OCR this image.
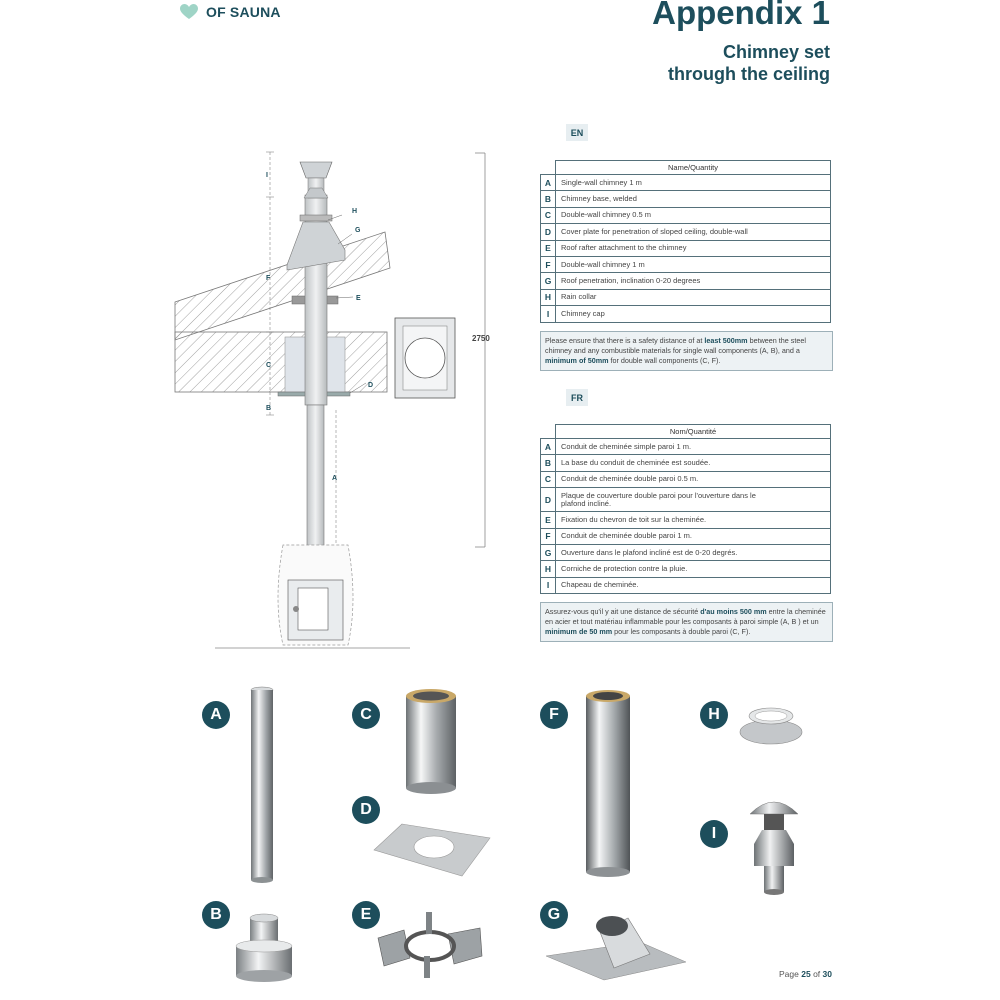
OF SAUNA	Appendix 1
Chimney set
through the ceiling
2750
I
H
G
F
E
C
D
B
A
EN
	Name/Quantity
A	Single-wall chimney 1 m
B	Chimney base, welded
C	Double-wall chimney 0.5 m
D	Cover plate for penetration of sloped ceiling, double-wall
E	Roof rafter attachment to the chimney
F	Double-wall chimney 1 m
G	Roof penetration, inclination 0-20 degrees
H	Rain collar
I	Chimney cap
Please ensure that there is a safety distance of at least 500mm between the steel chimney and any combustible materials for single wall components (A, B), and a minimum of 50mm for double wall components (C, F).
FR
	Nom/Quantité
A	Conduit de cheminée simple paroi 1 m.
B	La base du conduit de cheminée est soudée.
C	Conduit de cheminée double paroi 0.5 m.
D	Plaque de couverture double paroi pour l'ouverture dans le plafond incliné.
E	Fixation du chevron de toit sur la cheminée.
F	Conduit de cheminée double paroi 1 m.
G	Ouverture dans le plafond incliné est de 0-20 degrés.
H	Corniche de protection contre la pluie.
I	Chapeau de cheminée.
Assurez-vous qu'il y ait une distance de sécurité d'au moins 500 mm entre la cheminée en acier et tout matériau inflammable pour les composants à paroi simple (A, B ) et un minimum de 50 mm pour les composants à double paroi (C, F).
A
B
C
D
E
F
G
H
I
Page 25 of 30
